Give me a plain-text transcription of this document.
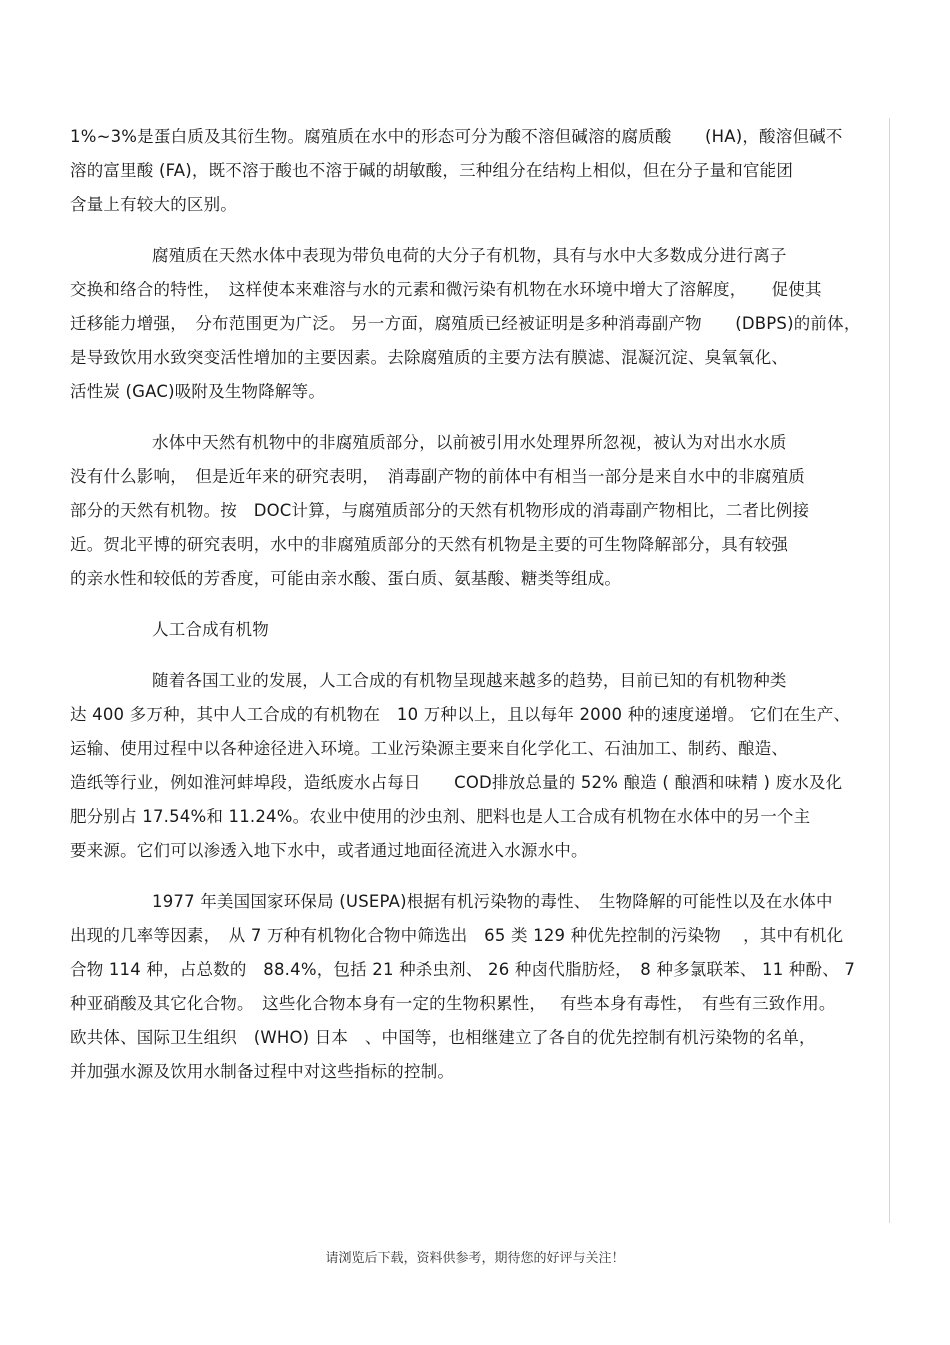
1%~3%是蛋白质及其衍生物。腐殖质在水中的形态可分为酸不溶但碱溶的腐质酸　　(HA)，酸溶但碱不
溶的富里酸 (FA)，既不溶于酸也不溶于碱的胡敏酸，三种组分在结构上相似，但在分子量和官能团
含量上有较大的区别。
腐殖质在天然水体中表现为带负电荷的大分子有机物，具有与水中大多数成分进行离子
交换和络合的特性，　这样使本来难溶与水的元素和微污染有机物在水环境中增大了溶解度，　　促使其
迁移能力增强，　分布范围更为广泛。 另一方面，腐殖质已经被证明是多种消毒副产物　　(DBPS)的前体，
是导致饮用水致突变活性增加的主要因素。去除腐殖质的主要方法有膜滤、混凝沉淀、臭氧氧化、
活性炭 (GAC)吸附及生物降解等。
水体中天然有机物中的非腐殖质部分，以前被引用水处理界所忽视，被认为对出水水质
没有什么影响，　但是近年来的研究表明，　消毒副产物的前体中有相当一部分是来自水中的非腐殖质
部分的天然有机物。按　DOC计算，与腐殖质部分的天然有机物形成的消毒副产物相比，二者比例接
近。贺北平博的研究表明，水中的非腐殖质部分的天然有机物是主要的可生物降解部分，具有较强
的亲水性和较低的芳香度，可能由亲水酸、蛋白质、氨基酸、糖类等组成。
人工合成有机物
随着各国工业的发展，人工合成的有机物呈现越来越多的趋势，目前已知的有机物种类
达 400 多万种，其中人工合成的有机物在　10 万种以上，且以每年 2000 种的速度递增。 它们在生产、
运输、使用过程中以各种途径进入环境。工业污染源主要来自化学化工、石油加工、制药、酿造、
造纸等行业，例如淮河蚌埠段，造纸废水占每日　　COD排放总量的 52% 酿造 ( 酿酒和味精 ) 废水及化
肥分别占 17.54%和 11.24%。农业中使用的沙虫剂、肥料也是人工合成有机物在水体中的另一个主
要来源。它们可以渗透入地下水中，或者通过地面径流进入水源水中。
1977 年美国国家环保局 (USEPA)根据有机污染物的毒性、　生物降解的可能性以及在水体中
出现的几率等因素，　从 7 万种有机物化合物中筛选出　65 类 129 种优先控制的污染物　 ，其中有机化
合物 114 种，占总数的　88.4%，包括 21 种杀虫剂、 26 种卤代脂肪烃，　8 种多氯联苯、 11 种酚、 7
种亚硝酸及其它化合物。　这些化合物本身有一定的生物积累性，　 有些本身有毒性，　有些有三致作用。
欧共体、国际卫生组织　(WHO) 日本　、中国等，也相继建立了各自的优先控制有机污染物的名单，
并加强水源及饮用水制备过程中对这些指标的控制。
请浏览后下载，资料供参考，期待您的好评与关注！
